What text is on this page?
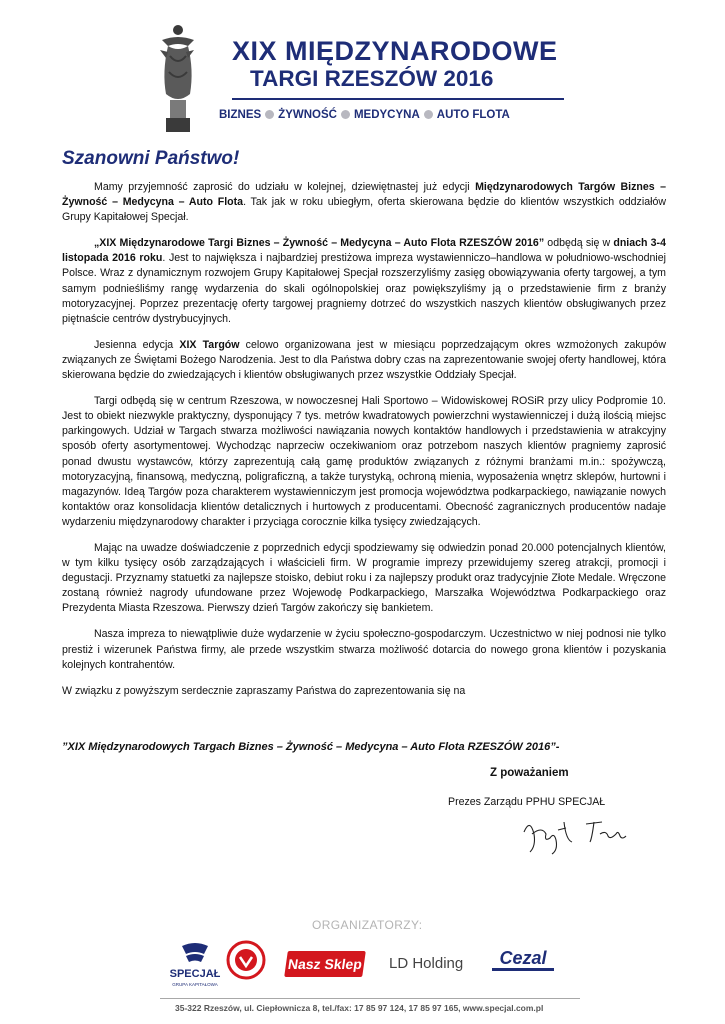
XIX MIĘDZYNARODOWE
TARGI RZESZÓW 2016
BIZNES ŻYWNOŚĆ MEDYCYNA AUTO FLOTA
Szanowni Państwo!

Mamy przyjemność zaprosić do udziału w kolejnej, dziewiętnastej już edycji Międzynarodowych Targów Biznes – Żywność – Medycyna – Auto Flota. Tak jak w roku ubiegłym, oferta skierowana będzie do klientów wszystkich oddziałów Grupy Kapitałowej Specjał.

„XIX Międzynarodowe Targi Biznes – Żywność – Medycyna – Auto Flota RZESZÓW 2016” odbędą się w dniach 3-4 listopada 2016 roku. Jest to największa i najbardziej prestiżowa impreza wystawienniczo–handlowa w południowo-wschodniej Polsce. Wraz z dynamicznym rozwojem Grupy Kapitałowej Specjał rozszerzyliśmy zasięg obowiązywania oferty targowej, a tym samym podnieśliśmy rangę wydarzenia do skali ogólnopolskiej oraz powiększyliśmy ją o przedstawienie firm z branży motoryzacyjnej. Poprzez prezentację oferty targowej pragniemy dotrzeć do wszystkich naszych klientów obsługiwanych przez piętnaście centrów dystrybucyjnych.

Jesienna edycja XIX Targów celowo organizowana jest w miesiącu poprzedzającym okres wzmożonych zakupów związanych ze Świętami Bożego Narodzenia. Jest to dla Państwa dobry czas na zaprezentowanie swojej oferty handlowej, która skierowana będzie do zwiedzających i klientów obsługiwanych przez wszystkie Oddziały Specjał.

Targi odbędą się w centrum Rzeszowa, w nowoczesnej Hali Sportowo – Widowiskowej ROSiR przy ulicy Podpromie 10. Jest to obiekt niezwykle praktyczny, dysponujący 7 tys. metrów kwadratowych powierzchni wystawienniczej i dużą ilością miejsc parkingowych. Udział w Targach stwarza możliwości nawiązania nowych kontaktów handlowych i przedstawienia w atrakcyjny sposób oferty asortymentowej. Wychodząc naprzeciw oczekiwaniom oraz potrzebom naszych klientów pragniemy zaprosić ponad dwustu wystawców, którzy zaprezentują całą gamę produktów związanych z różnymi branżami m.in.: spożywczą, motoryzacyjną, finansową, medyczną, poligraficzną, a także turystyką, ochroną mienia, wyposażenia wnętrz sklepów, hurtowni i magazynów. Ideą Targów poza charakterem wystawienniczym jest promocja województwa podkarpackiego, nawiązanie nowych kontaktów oraz konsolidacja klientów detalicznych i hurtowych z producentami. Obecność zagranicznych producentów nadaje wydarzeniu międzynarodowy charakter i przyciąga corocznie kilka tysięcy zwiedzających.

Mając na uwadze doświadczenie z poprzednich edycji spodziewamy się odwiedzin ponad 20.000 potencjalnych klientów, w tym kilku tysięcy osób zarządzających i właścicieli firm. W programie imprezy przewidujemy szereg atrakcji, promocji i degustacji. Przyznamy statuetki za najlepsze stoisko, debiut roku i za najlepszy produkt oraz tradycyjnie Złote Medale. Wręczone zostaną również nagrody ufundowane przez Wojewodę Podkarpackiego, Marszałka Województwa Podkarpackiego oraz Prezydenta Miasta Rzeszowa. Pierwszy dzień Targów zakończy się bankietem.

Nasza impreza to niewątpliwie duże wydarzenie w życiu społeczno-gospodarczym. Uczestnictwo w niej podnosi nie tylko prestiż i wizerunek Państwa firmy, ale przede wszystkim stwarza możliwość dotarcia do nowego grona klientów i pozyskania kolejnych kontrahentów.

W związku z powyższym serdecznie zapraszamy Państwa do zaprezentowania się na

”XIX Międzynarodowych Targach Biznes – Żywność – Medycyna – Auto Flota RZESZÓW 2016”-
Z poważaniem
Prezes Zarządu PPHU SPECJAŁ
ORGANIZATORZY:
SPECJAŁ
GRUPA KAPITAŁOWA
Nasz Sklep LD Holding Cezal
35-322 Rzeszów, ul. Ciepłownicza 8, tel./fax: 17 85 97 124, 17 85 97 165, www.specjal.com.pl
